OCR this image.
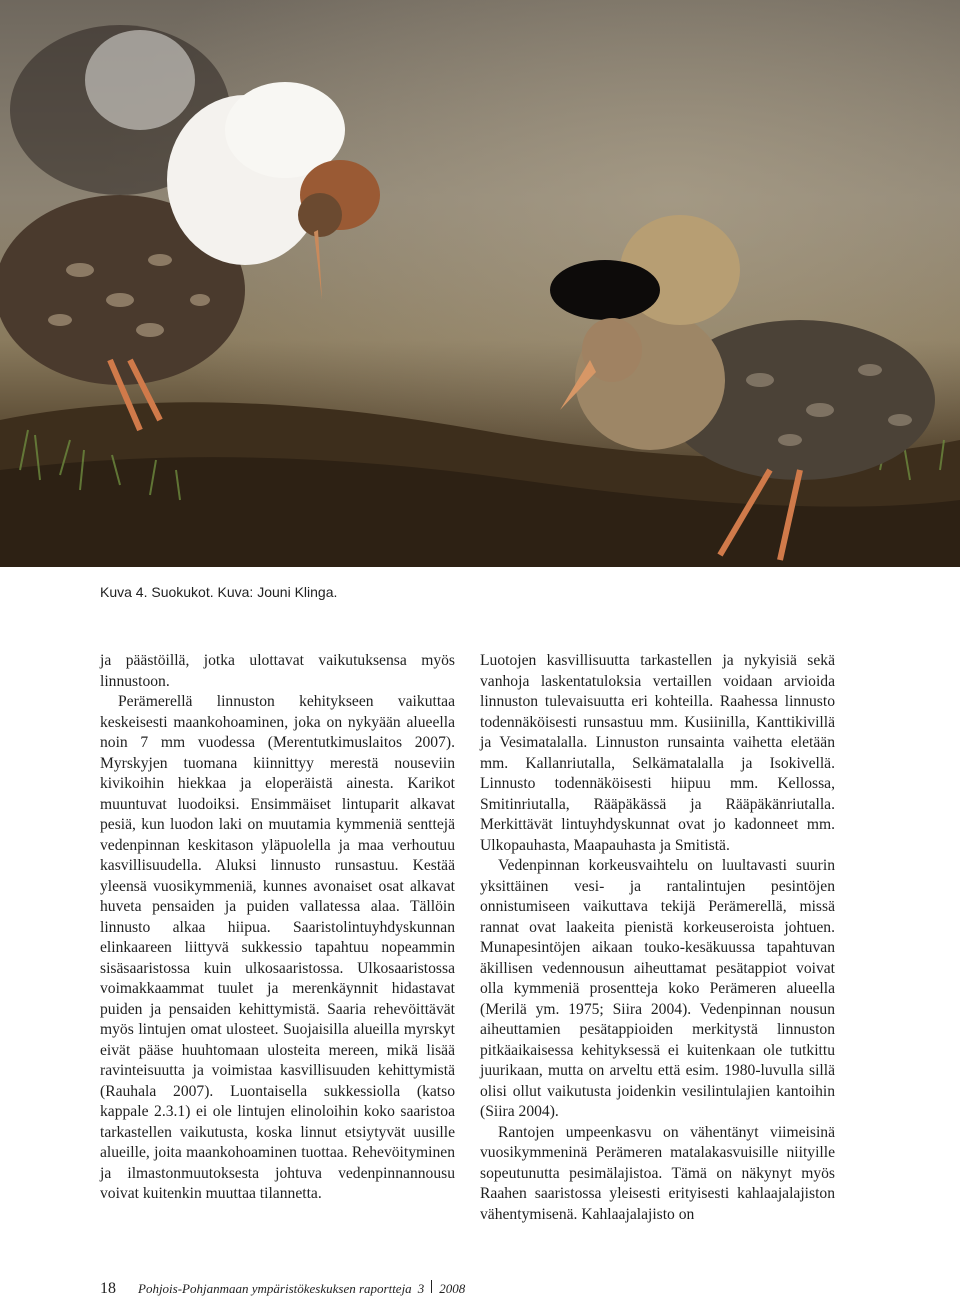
Kuva 4. Suokukot. Kuva: Jouni Klinga.

ja päästöillä, jotka ulottavat vaikutuksensa myös linnustoon.

Perämerellä linnuston kehitykseen vaikuttaa keskeisesti maankohoaminen, joka on nykyään alueella noin 7 mm vuodessa (Merentutkimuslaitos 2007). Myrskyjen tuomana kiinnittyy merestä nouseviin kivikoihin hiekkaa ja eloperäistä ainesta. Karikot muuntuvat luodoiksi. Ensimmäiset lintuparit alkavat pesiä, kun luodon laki on muutamia kymmeniä senttejä vedenpinnan keskitason yläpuolella ja maa verhoutuu kasvillisuudella. Aluksi linnusto runsastuu. Kestää yleensä vuosikymmeniä, kunnes avonaiset osat alkavat huveta pensaiden ja puiden vallatessa alaa. Tällöin linnusto alkaa hiipua. Saaristolintuyhdyskunnan elinkaareen liittyvä sukkessio tapahtuu nopeammin sisäsaaristossa kuin ulkosaaristossa. Ulkosaaristossa voimakkaammat tuulet ja merenkäynnit hidastavat puiden ja pensaiden kehittymistä. Saaria rehevöittävät myös lintujen omat ulosteet. Suojaisilla alueilla myrskyt eivät pääse huuhtomaan ulosteita mereen, mikä lisää ravinteisuutta ja voimistaa kasvillisuuden kehittymistä (Rauhala 2007). Luontaisella sukkessiolla (katso kappale 2.3.1) ei ole lintujen elinoloihin koko saaristoa tarkastellen vaikutusta, koska linnut etsiytyvät uusille alueille, joita maankohoaminen tuottaa. Rehevöityminen ja ilmastonmuutoksesta johtuva vedenpinnannousu voivat kuitenkin muuttaa tilannetta.

Luotojen kasvillisuutta tarkastellen ja nykyisiä sekä vanhoja laskentatuloksia vertaillen voidaan arvioida linnuston tulevaisuutta eri kohteilla. Raahessa linnusto todennäköisesti runsastuu mm. Kusiinilla, Kanttikivillä ja Vesimatalalla. Linnuston runsainta vaihetta eletään mm. Kallanriutalla, Selkämatalalla ja Isokivellä. Linnusto todennäköisesti hiipuu mm. Kellossa, Smitinriutalla, Rääpäkässä ja Rääpäkänriutalla. Merkittävät lintuyhdyskunnat ovat jo kadonneet mm. Ulkopauhasta, Maapauhasta ja Smitistä.

Vedenpinnan korkeusvaihtelu on luultavasti suurin yksittäinen vesi- ja rantalintujen pesintöjen onnistumiseen vaikuttava tekijä Perämerellä, missä rannat ovat laakeita pienistä korkeuseroista johtuen. Munapesintöjen aikaan touko-kesäkuussa tapahtuvan äkillisen vedennousun aiheuttamat pesätappiot voivat olla kymmeniä prosentteja koko Perämeren alueella (Merilä ym. 1975; Siira 2004). Vedenpinnan nousun aiheuttamien pesätappioiden merkitystä linnuston pitkäaikaisessa kehityksessä ei kuitenkaan ole tutkittu juurikaan, mutta on arveltu että esim. 1980-luvulla sillä olisi ollut vaikutusta joidenkin vesilintulajien kantoihin (Siira 2004).

Rantojen umpeenkasvu on vähentänyt viimeisinä vuosikymmeninä Perämeren matalakasvuisille niityille sopeutunutta pesimälajistoa. Tämä on näkynyt myös Raahen saaristossa yleisesti erityisesti kahlaajalajiston vähentymisenä. Kahlaajalajisto on

18 Pohjois-Pohjanmaan ympäristökeskuksen raportteja 3 2008
